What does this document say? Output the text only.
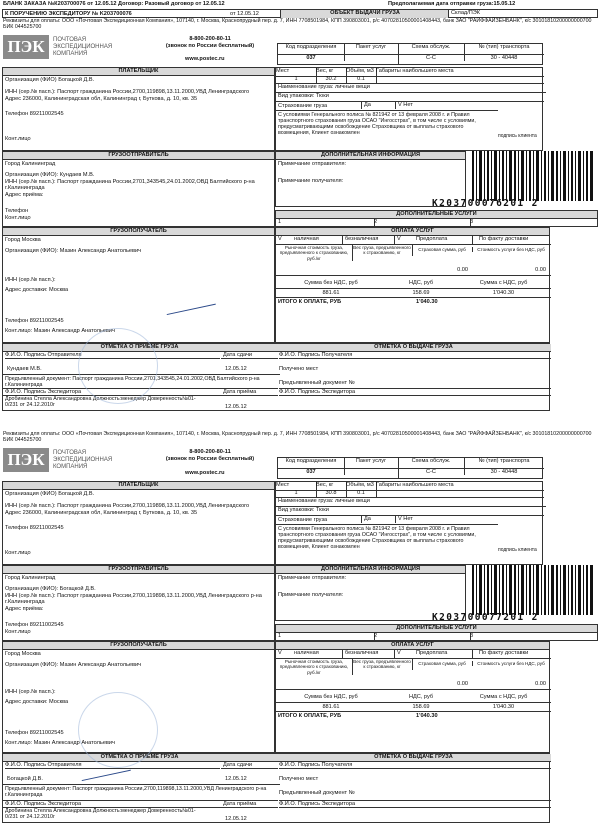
БЛАНК ЗАКАЗА №К203700076 от 12.05.12 Договор: Разовый договор от 12.05.12	Предполагаемая дата отправки груза:15.05.12
К ПОРУЧЕНИЮ ЭКСПЕДИТОРУ № K203700076	от 12.05.12	ОБЪЕКТ ВЫДАЧИ ГРУЗА	Склад/ПЭК
Реквизиты для оплаты: ООО «Почтовая Экспедиционная Компания», 107140, г. Москва, Краснопрудный пер. д. 7, ИНН 7708501984, КПП 390803001, р/с 40702810500001408443, банк ЗАО "РАЙФФАЙЗЕНБАНК", к/с 30101810200000000700 БИК 044525700
ПЭК	ПОЧТОВАЯ
ЭКСПЕДИЦИОННАЯ
КОМПАНИЯ
8-800-200-80-11
(звонок по России бесплатный)
www.postec.ru
Код подразделения	Пакет услуг	Схема обслуж.	№ (тип) транспорта
037	С-С	30 - 40448
ПЛАТЕЛЬЩИК
Организация (ФИО) Богацкой Д.В.
ИНН (сер.№ пасп.): Паспорт гражданина России,2700,119898,13.11.2000,УВД Ленинградского
Адрес 236000, Калининградская обл, Калининград г, Буткова, д. 10, кв. 35
Телефон 89211002545
Конт.лицо
Мест	Вес, кг	Объём, м3 Габариты наибольшего места
1	30.2	0.1
Наименование груза: личные вещи
Вид упаковки: Тюки
Страхование груза	Да	V Нет
С условиями Генерального полиса № 821942 от 13 февраля 2008 г. и Правил транспортного страхования груза ОСАО "Ингосстрах", в том числе с условиями, предусматривающими освобождение Страховщика от выплаты страхового возмещения, Клиент ознакомлен	подпись клиента
ГРУЗООТПРАВИТЕЛЬ
Город Калининград
Организация (ФИО): Кундаев М.В.
ИНН (сер.№ пасп.): Паспорт гражданина России,2701,343545,24.01.2002,ОВД Балтийского р-на г.Калининграда
Адрес приёма:
Телефон
Конт.лицо
ДОПОЛНИТЕЛЬНАЯ ИНФОРМАЦИЯ
Примечание отправителя:
Примечание получателя:
K203700076201 2
ДОПОЛНИТЕЛЬНЫЕ УСЛУГИ
1	2	3
ГРУЗОПОЛУЧАТЕЛЬ
Город Москва
Организация (ФИО): Мазин Александр Анатольевич
ИНН (сер.№ пасп.):
Адрес доставки: Москва
Телефон 89211002545
Конт.лицо: Мазин Александр Анатольевич
ОПЛАТА УСЛУГ
V наличная	безналичная	V	Предоплата	По факту доставки
Рыночная стоимость груза, предъявленного к страхованию, руб./кг
Вес груза, предъявленного к страхованию, кг
Страховая сумма, руб	Стоимость услуги без НДС, руб
0.00	0.00
Сумма без НДС, руб	НДС, руб	Сумма с НДС, руб
881.61	158.69	1'040.30
ИТОГО К ОПЛАТЕ, РУБ	1'040.30
ОТМЕТКА О ПРИЕМЕ ГРУЗА	ОТМЕТКА О ВЫДАЧЕ ГРУЗА
Ф.И.О. Подпись Отправителя	Дата сдачи	Ф.И.О. Подпись Получателя
Кундаев М.В.	12.05.12	Получено мест
Предъявленный документ: Паспорт гражданина России,2701,343545,24.01.2002,ОВД Балтийского р-на г.Калининграда	Предъявленный документ №
Ф.И.О. Подпись Экспедитора	Дата приёма	Ф.И.О. Подпись Экспедитора
Дробинина Стелла Александровна Должность:менеджер Доверенность№01-0/231 от 24.12.2010г	12.05.12
Реквизиты для оплаты: ООО «Почтовая Экспедиционная Компания», 107140, г. Москва, Краснопрудный пер. д. 7, ИНН 7708501984, КПП 390803001, р/с 40702810500001408443, банк ЗАО "РАЙФФАЙЗЕНБАНК", к/с 30101810200000000700 БИК 044525700
ПЭК	ПОЧТОВАЯ
ЭКСПЕДИЦИОННАЯ
КОМПАНИЯ
8-800-200-80-11
(звонок по России бесплатный)
www.postec.ru
Код подразделения	Пакет услуг	Схема обслуж.	№ (тип) транспорта
037	С-С	30 - 40448
ПЛАТЕЛЬЩИК
Организация (ФИО) Богацкой Д.В.
ИНН (сер.№ пасп.): Паспорт гражданина России,2700,119898,13.11.2000,УВД Ленинградского
Адрес 236000, Калининградская обл, Калининград г, Буткова, д. 10, кв. 35
Телефон 89211002545
Конт.лицо
Мест	Вес, кг	Объём, м3 Габариты наибольшего места
1	30.8	0.1
Наименование груза: личные вещи
Вид упаковки: Тюки
Страхование груза	Да	V Нет
С условиями Генерального полиса № 821942 от 13 февраля 2008 г. и Правил транспортного страхования груза ОСАО "Ингосстрах", в том числе с условиями, предусматривающими освобождение Страховщика от выплаты страхового возмещения, Клиент ознакомлен	подпись клиента
ГРУЗООТПРАВИТЕЛЬ
Город Калининград
Организация (ФИО): Богацкой Д.В.
ИНН (сер.№ пасп.): Паспорт гражданина России,2700,119898,13.11.2000,УВД Ленинградского р-на г.Калининграда
Адрес приёма:
Телефон 89211002545
Конт.лицо
ДОПОЛНИТЕЛЬНАЯ ИНФОРМАЦИЯ
Примечание отправителя:
Примечание получателя:
K203700077201 2
ДОПОЛНИТЕЛЬНЫЕ УСЛУГИ
1	2	3
ГРУЗОПОЛУЧАТЕЛЬ
Город Москва
Организация (ФИО): Мазин Александр Анатольевич
ИНН (сер.№ пасп.):
Адрес доставки: Москва
Телефон 89211002545
Конт.лицо: Мазин Александр Анатольевич
ОПЛАТА УСЛУГ
V наличная	безналичная	V	Предоплата	По факту доставки
Рыночная стоимость груза, предъявленного к страхованию, руб./кг
Вес груза, предъявленного к страхованию, кг
Страховая сумма, руб	Стоимость услуги без НДС, руб
0.00	0.00
Сумма без НДС, руб	НДС, руб	Сумма с НДС, руб
881.61	158.69	1'040.30
ИТОГО К ОПЛАТЕ, РУБ	1'040.30
ОТМЕТКА О ПРИЕМЕ ГРУЗА	ОТМЕТКА О ВЫДАЧЕ ГРУЗА
Ф.И.О. Подпись Отправителя	Дата сдачи	Ф.И.О. Подпись Получателя
Богацкой Д.В.	12.05.12	Получено мест
Предъявленный документ: Паспорт гражданина России,2700,119898,13.11.2000,УВД Ленинградского р-на г.Калининграда	Предъявленный документ №
Ф.И.О. Подпись Экспедитора	Дата приёма	Ф.И.О. Подпись Экспедитора
Дробинина Стелла Александровна Должность:менеджер Доверенность№01-0/231 от 24.12.2010г	12.05.12
